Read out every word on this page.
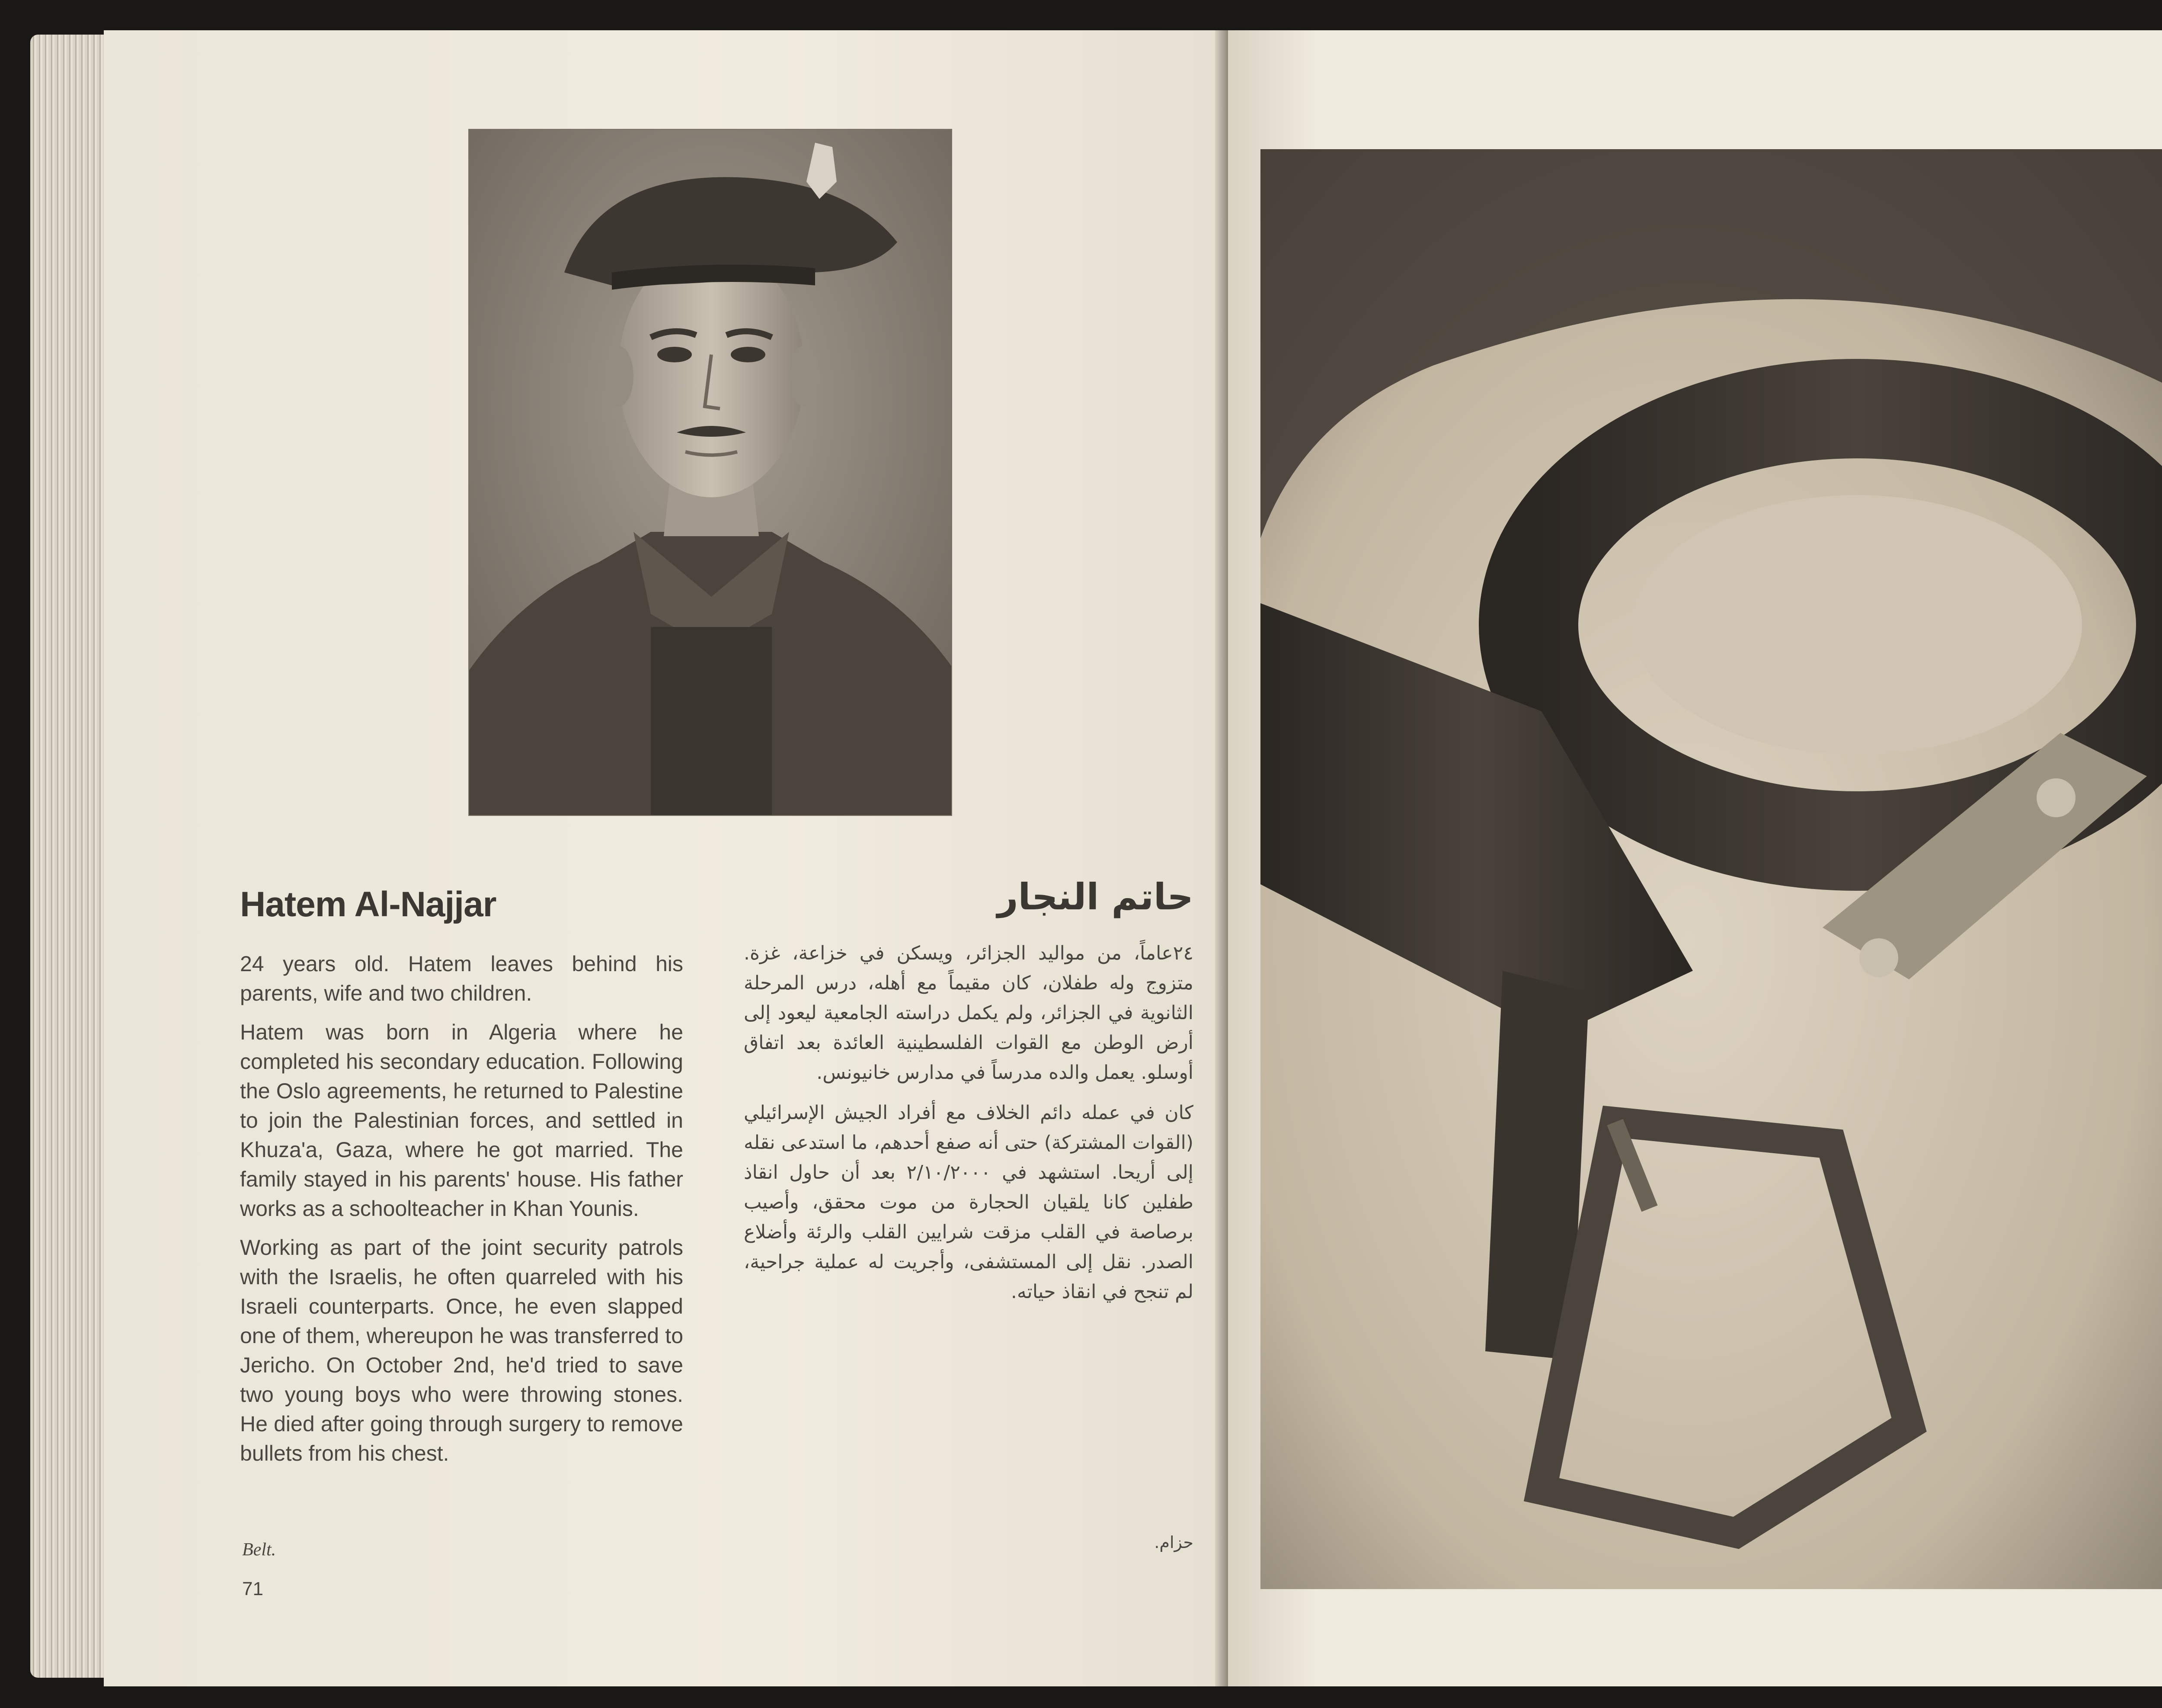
Hatem Al-Najjar	حاتم النجار

24 years old. Hatem leaves behind his parents, wife and two children.

Hatem was born in Algeria where he completed his secondary education. Following the Oslo agreements, he returned to Palestine to join the Palestinian forces, and settled in Khuza'a, Gaza, where he got married. The family stayed in his parents' house. His father works as a schoolteacher in Khan Younis.

Working as part of the joint security patrols with the Israelis, he often quarreled with his Israeli counterparts. Once, he even slapped one of them, whereupon he was transferred to Jericho. On October 2nd, he'd tried to save two young boys who were throwing stones. He died after going through surgery to remove bullets from his chest.

٢٤عاماً، من مواليد الجزائر، ويسكن في خزاعة، غزة. متزوج وله طفلان، كان مقيماً مع أهله، درس المرحلة الثانوية في الجزائر، ولم يكمل دراسته الجامعية ليعود إلى أرض الوطن مع القوات الفلسطينية العائدة بعد اتفاق أوسلو. يعمل والده مدرساً في مدارس خانيونس.

كان في عمله دائم الخلاف مع أفراد الجيش الإسرائيلي (القوات المشتركة) حتى أنه صفع أحدهم، ما استدعى نقله إلى أريحا. استشهد في ٢/١٠/٢٠٠٠ بعد أن حاول انقاذ طفلين كانا يلقيان الحجارة من موت محقق، وأصيب برصاصة في القلب مزقت شرايين القلب والرئة وأضلاع الصدر. نقل إلى المستشفى، وأجريت له عملية جراحية، لم تنجح في انقاذ حياته.

Belt.	حزام.
71
